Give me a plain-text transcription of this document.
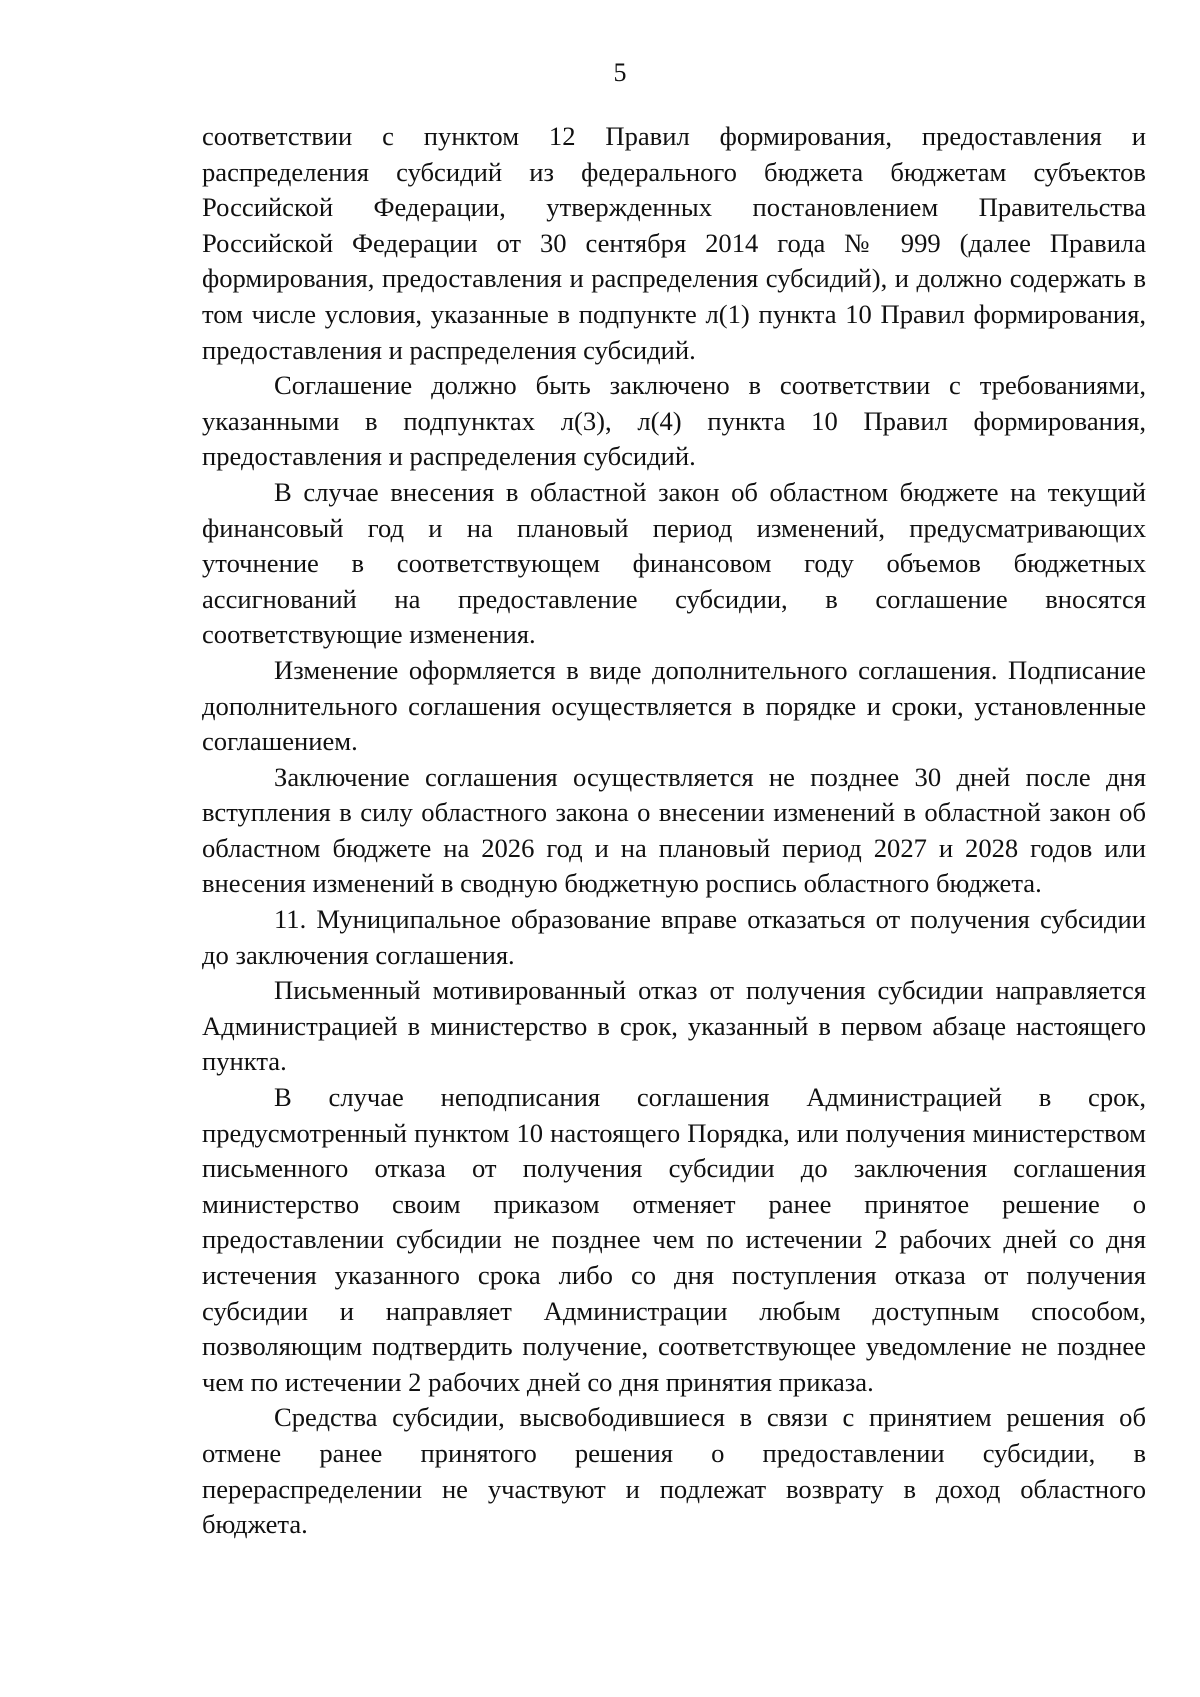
5

соответствии с пунктом 12 Правил формирования, предоставления и распределения субсидий из федерального бюджета бюджетам субъектов Российской Федерации, утвержденных постановлением Правительства Российской Федерации от 30 сентября 2014 года № 999 (далее Правила формирования, предоставления и распределения субсидий), и должно содержать в том числе условия, указанные в подпункте л(1) пункта 10 Правил формирования, предоставления и распределения субсидий.

Соглашение должно быть заключено в соответствии с требованиями, указанными в подпунктах л(3), л(4) пункта 10 Правил формирования, предоставления и распределения субсидий.

В случае внесения в областной закон об областном бюджете на текущий финансовый год и на плановый период изменений, предусматривающих уточнение в соответствующем финансовом году объемов бюджетных ассигнований на предоставление субсидии, в соглашение вносятся соответствующие изменения.

Изменение оформляется в виде дополнительного соглашения. Подписание дополнительного соглашения осуществляется в порядке и сроки, установленные соглашением.

Заключение соглашения осуществляется не позднее 30 дней после дня вступления в силу областного закона о внесении изменений в областной закон об областном бюджете на 2026 год и на плановый период 2027 и 2028 годов или внесения изменений в сводную бюджетную роспись областного бюджета.

11. Муниципальное образование вправе отказаться от получения субсидии до заключения соглашения.

Письменный мотивированный отказ от получения субсидии направляется Администрацией в министерство в срок, указанный в первом абзаце настоящего пункта.

В случае неподписания соглашения Администрацией в срок, предусмотренный пунктом 10 настоящего Порядка, или получения министерством письменного отказа от получения субсидии до заключения соглашения министерство своим приказом отменяет ранее принятое решение о предоставлении субсидии не позднее чем по истечении 2 рабочих дней со дня истечения указанного срока либо со дня поступления отказа от получения субсидии и направляет Администрации любым доступным способом, позволяющим подтвердить получение, соответствующее уведомление не позднее чем по истечении 2 рабочих дней со дня принятия приказа.

Средства субсидии, высвободившиеся в связи с принятием решения об отмене ранее принятого решения о предоставлении субсидии, в перераспределении не участвуют и подлежат возврату в доход областного бюджета.
